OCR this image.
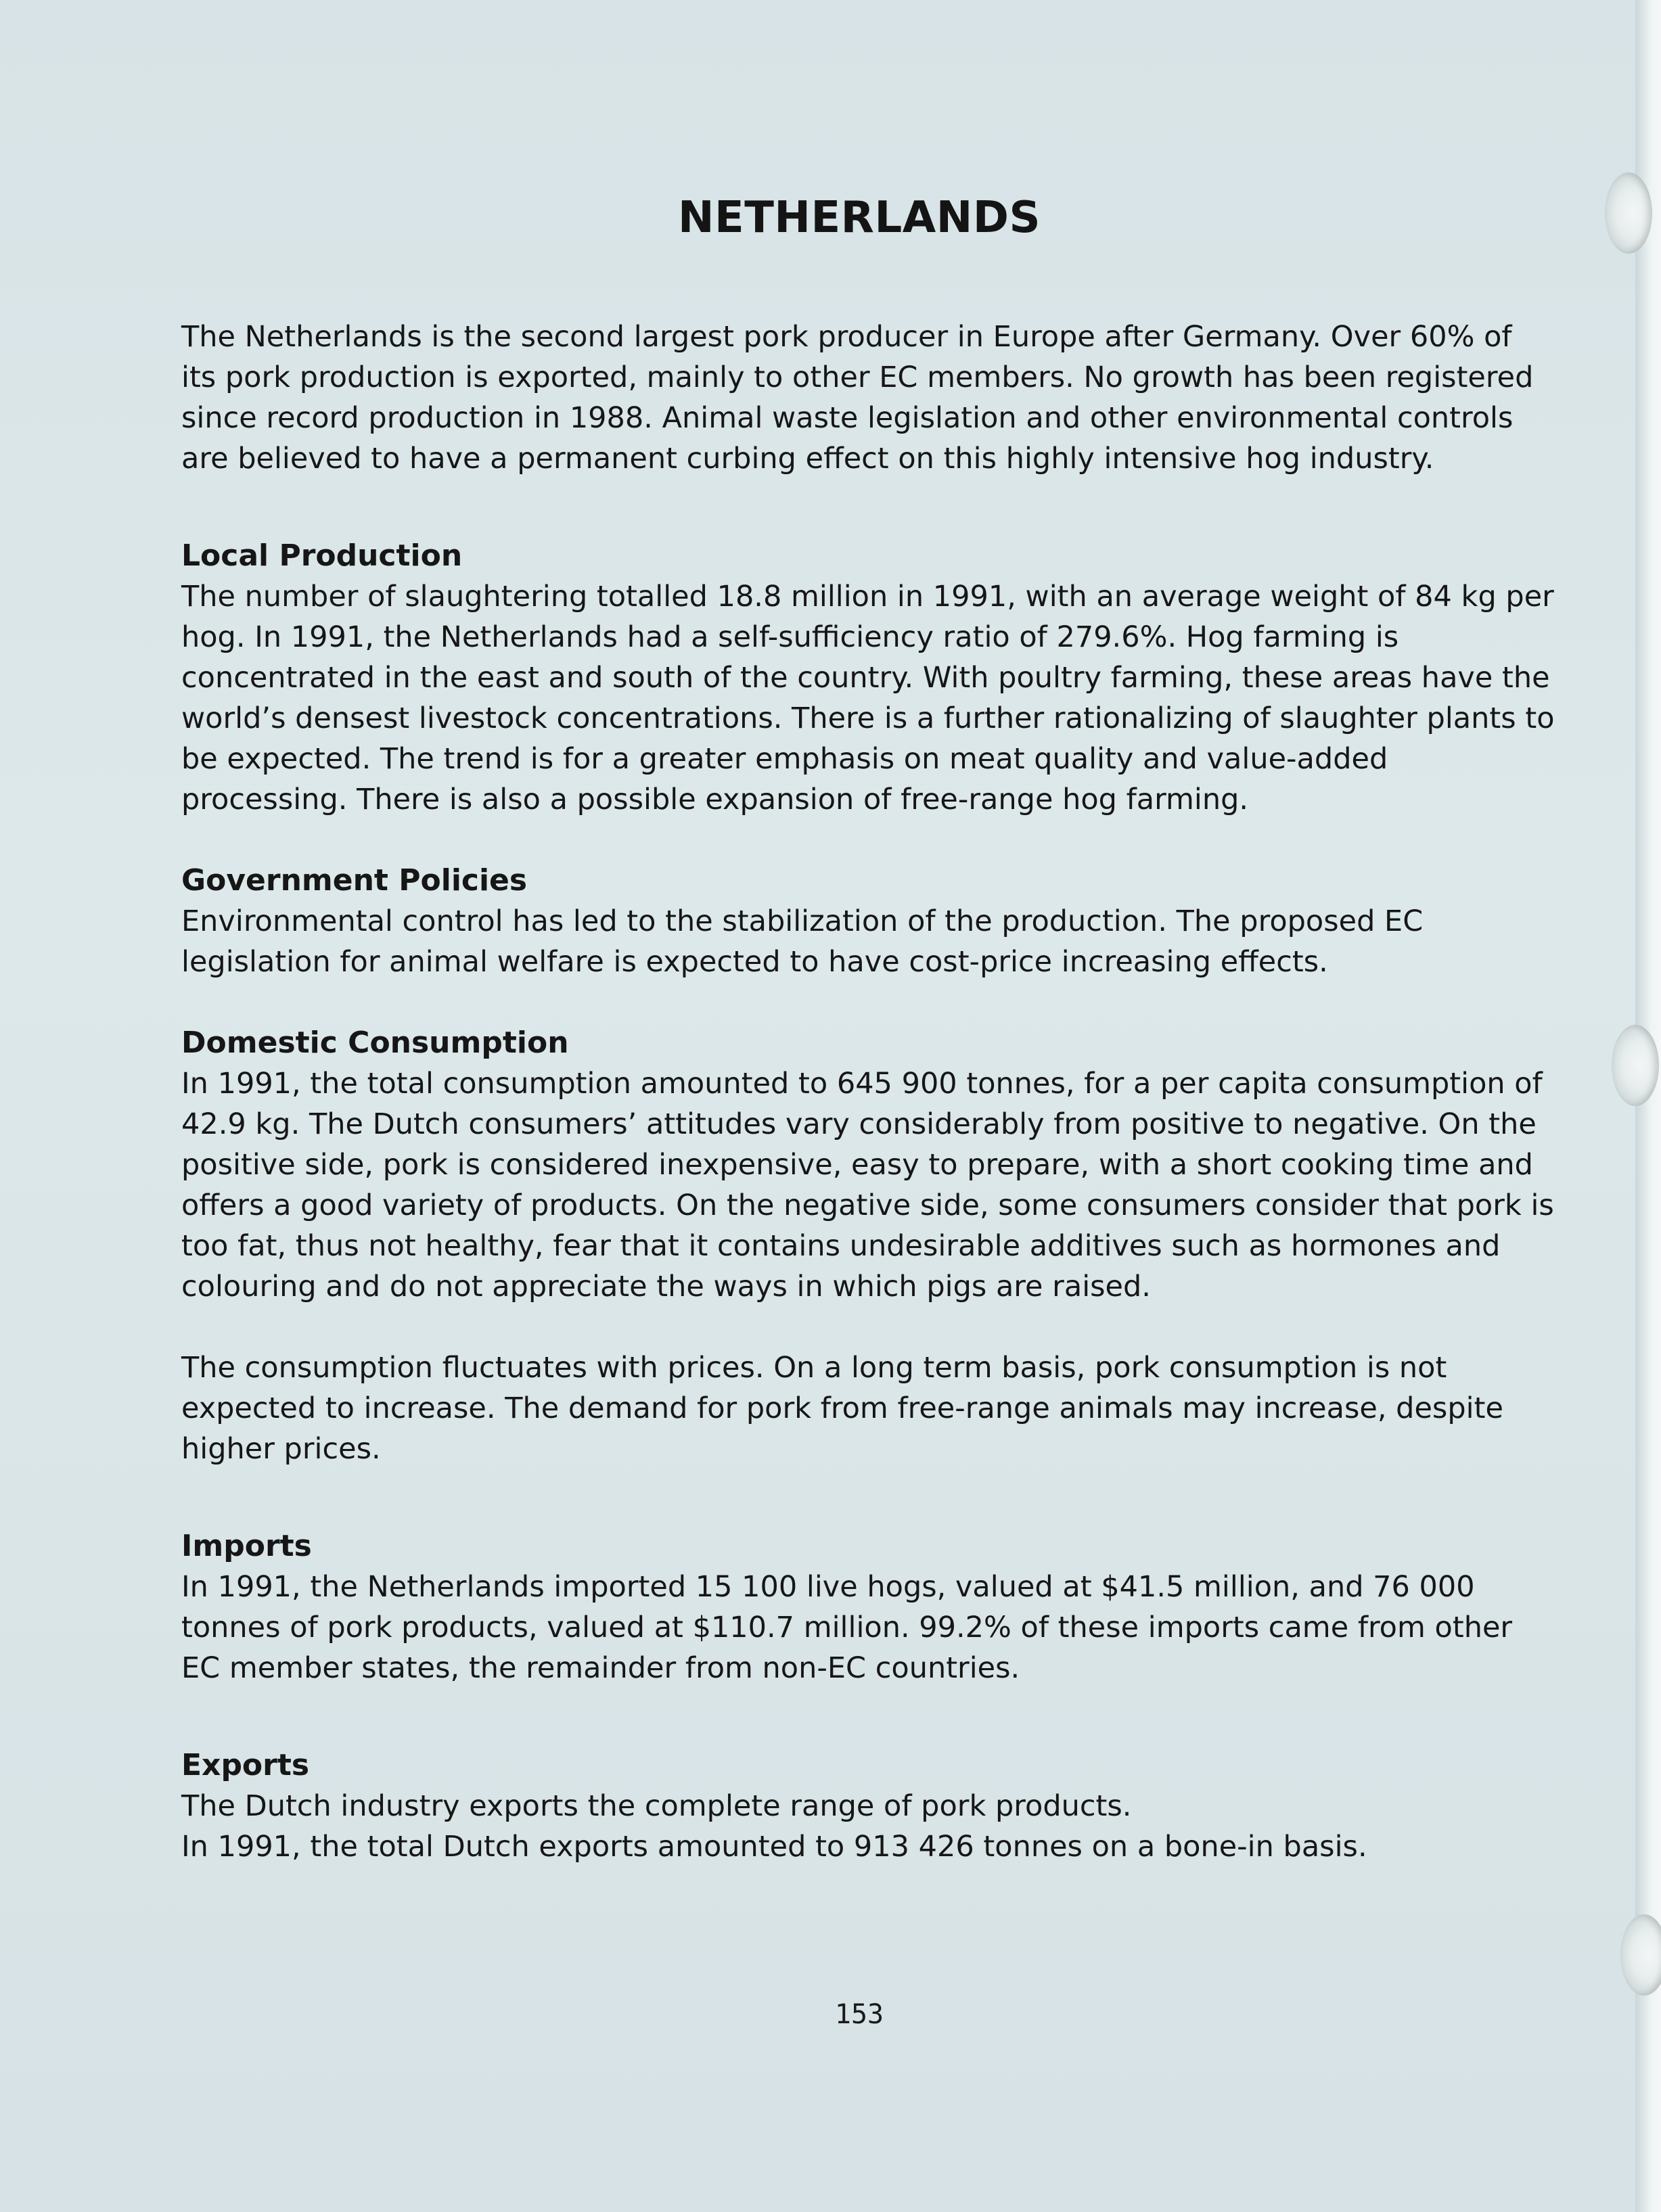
NETHERLANDS

The Netherlands is the second largest pork producer in Europe after Germany. Over 60% of its pork production is exported, mainly to other EC members. No growth has been registered since record production in 1988. Animal waste legislation and other environmental controls are believed to have a permanent curbing effect on this highly intensive hog industry.

Local Production

The number of slaughtering totalled 18.8 million in 1991, with an average weight of 84 kg per hog. In 1991, the Netherlands had a self-sufficiency ratio of 279.6%. Hog farming is concentrated in the east and south of the country. With poultry farming, these areas have the world’s densest livestock concentrations. There is a further rationalizing of slaughter plants to be expected. The trend is for a greater emphasis on meat quality and value-added processing. There is also a possible expansion of free-range hog farming.

Government Policies

Environmental control has led to the stabilization of the production. The proposed EC legislation for animal welfare is expected to have cost-price increasing effects.

Domestic Consumption

In 1991, the total consumption amounted to 645 900 tonnes, for a per capita consumption of 42.9 kg. The Dutch consumers’ attitudes vary considerably from positive to negative. On the positive side, pork is considered inexpensive, easy to prepare, with a short cooking time and offers a good variety of products. On the negative side, some consumers consider that pork is too fat, thus not healthy, fear that it contains undesirable additives such as hormones and colouring and do not appreciate the ways in which pigs are raised.

The consumption fluctuates with prices. On a long term basis, pork consumption is not expected to increase. The demand for pork from free-range animals may increase, despite higher prices.

Imports

In 1991, the Netherlands imported 15 100 live hogs, valued at $41.5 million, and 76 000 tonnes of pork products, valued at $110.7 million. 99.2% of these imports came from other EC member states, the remainder from non-EC countries.

Exports

The Dutch industry exports the complete range of pork products.

In 1991, the total Dutch exports amounted to 913 426 tonnes on a bone-in basis.

153
